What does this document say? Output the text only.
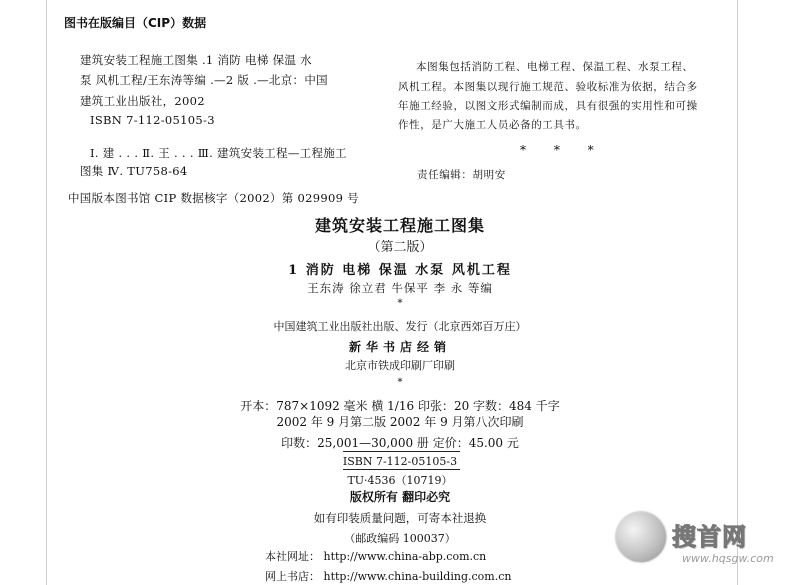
图书在版编目（CIP）数据
建筑安装工程施工图集 .1 消防 电梯 保温 水
泵 风机工程/王东涛等编 .—2 版 .—北京：中国
建筑工业出版社，2002
ISBN 7-112-05105-3
Ⅰ. 建 . . . Ⅱ. 王 . . . Ⅲ. 建筑安装工程—工程施工
图集 Ⅳ. TU758-64
中国版本图书馆 CIP 数据核字（2002）第 029909 号
本图集包括消防工程、电梯工程、保温工程、水泵工程、
风机工程。本图集以现行施工规范、验收标准为依据，结合多
年施工经验，以图文形式编制而成，具有很强的实用性和可操
作性，是广大施工人员必备的工具书。
* * *
责任编辑：胡明安
建筑安装工程施工图集
（第二版）
1 消防 电梯 保温 水泵 风机工程
王东涛 徐立君 牛保平 李 永 等编
*
中国建筑工业出版社出版、发行（北京西郊百万庄）
新华书店经销
北京市铁成印刷厂印刷
*
开本：787×1092 毫米 横 1/16 印张：20 字数：484 千字
2002 年 9 月第二版 2002 年 9 月第八次印刷
印数：25,001—30,000 册 定价：45.00 元
ISBN 7-112-05105-3
TU·4536（10719）
版权所有 翻印必究
如有印装质量问题，可寄本社退换
（邮政编码 100037）
本社网址： http://www.china-abp.com.cn
网上书店： http://www.china-building.com.cn
搜首网
www.hqsgw.com
